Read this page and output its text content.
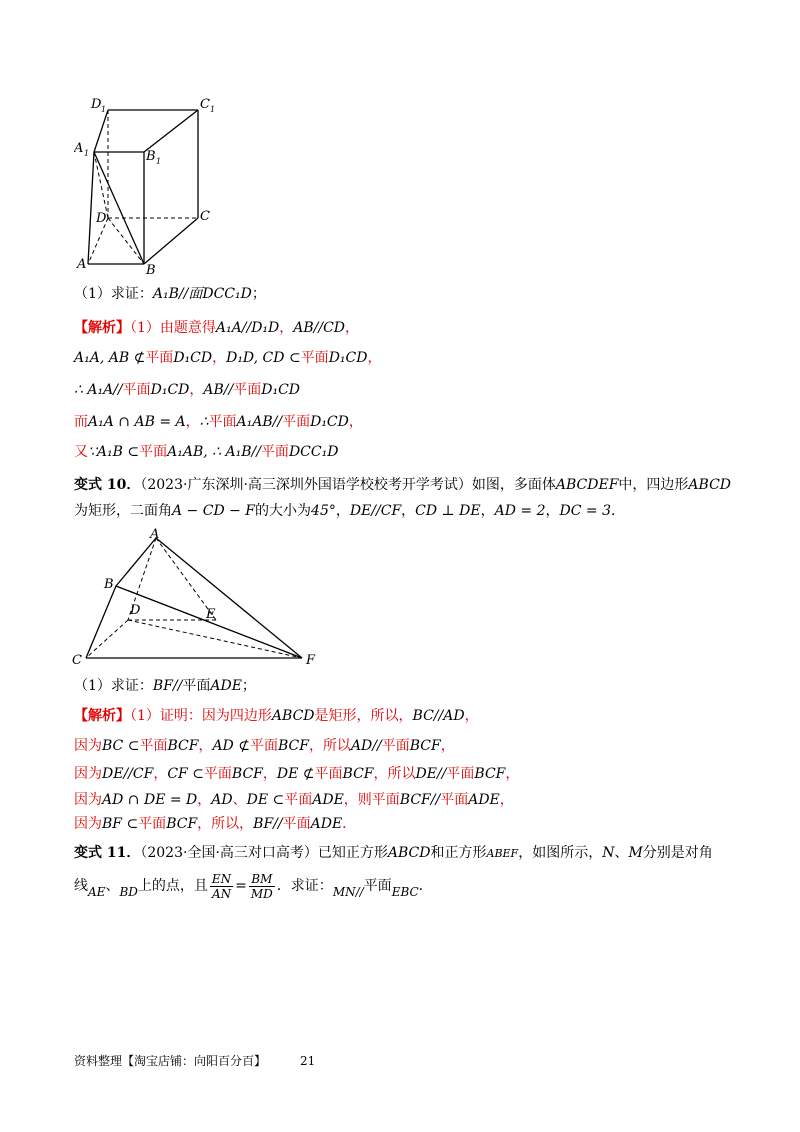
D 1	C 1
A 1	B 1
D	C
A	B
（1）求证：A₁B//面DCC₁D；
【解析】（1）由题意得A₁A//D₁D，AB//CD，
A₁A, AB ⊄平面D₁CD，D₁D, CD ⊂平面D₁CD，
∴ A₁A//平面D₁CD，AB//平面D₁CD
而A₁A ∩ AB = A，∴平面A₁AB//平面D₁CD，
又∵A₁B ⊂平面A₁AB, ∴ A₁B//平面DCC₁D
变式 10．（2023·广东深圳·高三深圳外国语学校校考开学考试）如图，多面体ABCDEF中，四边形ABCD
为矩形，二面角A − CD − F的大小为45°，DE//CF，CD ⊥ DE，AD = 2，DC = 3．
A
B
D	E
C	F
（1）求证：BF//平面ADE；
【解析】（1）证明：因为四边形ABCD是矩形，所以，BC//AD，
因为BC ⊂平面BCF，AD ⊄平面BCF，所以AD//平面BCF，
因为DE//CF，CF ⊂平面BCF，DE ⊄平面BCF，所以DE//平面BCF，
因为AD ∩ DE = D，AD、DE ⊂平面ADE，则平面BCF//平面ADE，
因为BF ⊂平面BCF，所以，BF//平面ADE．
变式 11．（2023·全国·高三对口高考）已知正方形ABCD和正方形ABEF，如图所示，N、M分别是对角
线AE、BD上的点，且 $\frac{EN}{AN} = \frac{BM}{MD}$ ．求证：MN//平面EBC．
资料整理【淘宝店铺：向阳百分百】	21
